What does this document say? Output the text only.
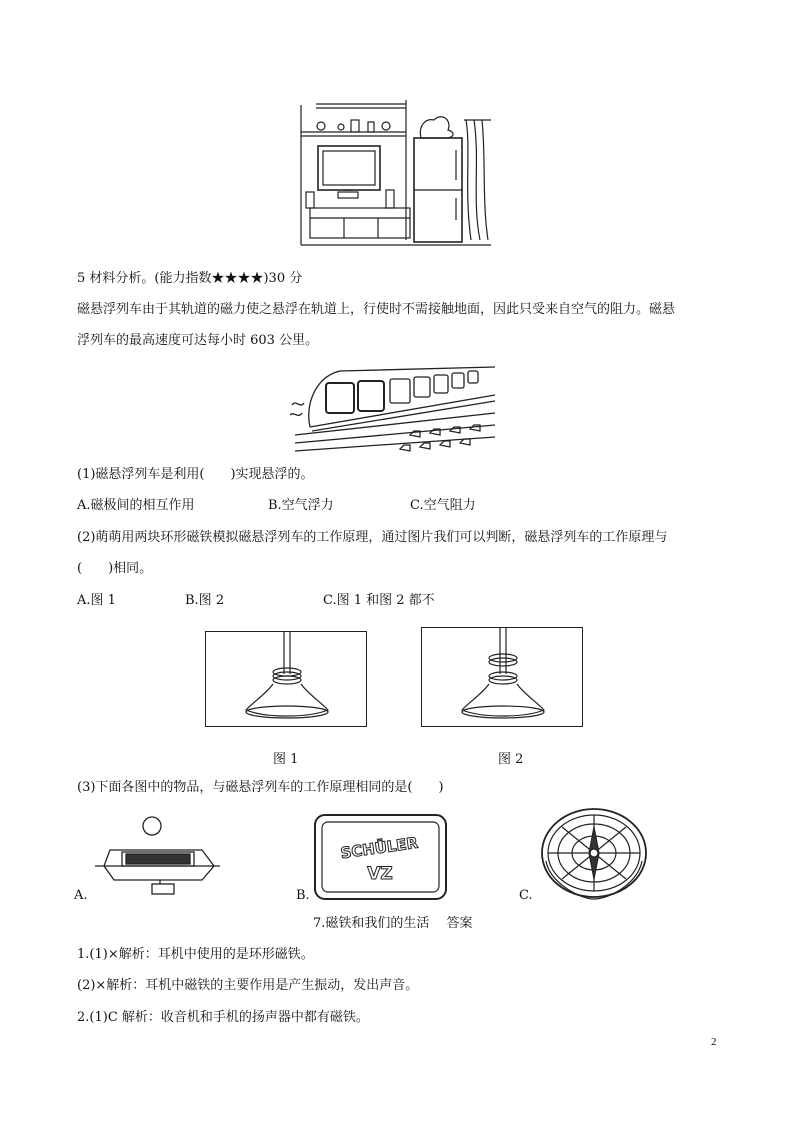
5 材料分析。(能力指数★★★★)30 分
磁悬浮列车由于其轨道的磁力使之悬浮在轨道上，行使时不需接触地面，因此只受来自空气的阻力。磁悬
浮列车的最高速度可达每小时 603 公里。
(1)磁悬浮列车是利用(　　)实现悬浮的。
A.磁极间的相互作用	B.空气浮力	C.空气阻力
(2)萌萌用两块环形磁铁模拟磁悬浮列车的工作原理，通过图片我们可以判断，磁悬浮列车的工作原理与
(　　)相同。
A.图 1	B.图 2	C.图 1 和图 2 都不
图 1	图 2
(3)下面各图中的物品，与磁悬浮列车的工作原理相同的是(　　)
A.
SCHÜLER
VZ
B.	C.
7.磁铁和我们的生活　 答案
1.(1)×解析：耳机中使用的是环形磁铁。
(2)×解析：耳机中磁铁的主要作用是产生振动，发出声音。
2.(1)C 解析：收音机和手机的扬声器中都有磁铁。
2
